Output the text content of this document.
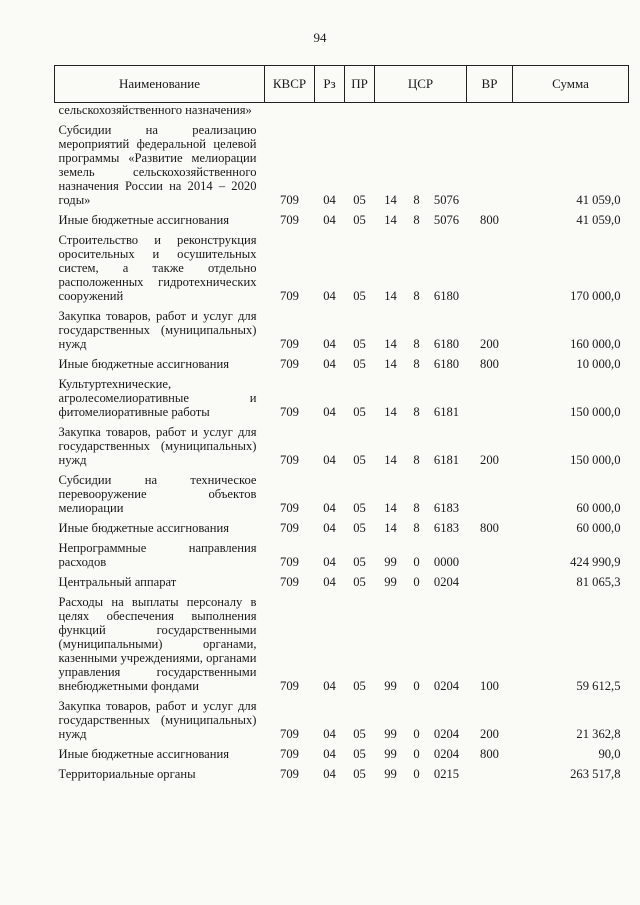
94
Наименование	КВСР	Рз	ПР	ЦСР			ВР	Сумма
сельскохозяйственного назначения»								
Субсидии на реализацию мероприятий федеральной целевой программы «Развитие мелиорации земель сельскохозяйственного назначения России на 2014 – 2020 годы»	709	04	05	14	8	5076		41 059,0
Иные бюджетные ассигнования	709	04	05	14	8	5076	800	41 059,0
Строительство и реконструкция оросительных и осушительных систем, а также отдельно расположенных гидротехнических сооружений	709	04	05	14	8	6180		170 000,0
Закупка товаров, работ и услуг для государственных (муниципальных) нужд	709	04	05	14	8	6180	200	160 000,0
Иные бюджетные ассигнования	709	04	05	14	8	6180	800	10 000,0
Культуртехнические, агролесомелиоративные и фитомелиоративные работы	709	04	05	14	8	6181		150 000,0
Закупка товаров, работ и услуг для государственных (муниципальных) нужд	709	04	05	14	8	6181	200	150 000,0
Субсидии на техническое перевооружение объектов мелиорации	709	04	05	14	8	6183		60 000,0
Иные бюджетные ассигнования	709	04	05	14	8	6183	800	60 000,0
Непрограммные направления расходов	709	04	05	99	0	0000		424 990,9
Центральный аппарат	709	04	05	99	0	0204		81 065,3
Расходы на выплаты персоналу в целях обеспечения выполнения функций государственными (муниципальными) органами, казенными учреждениями, органами управления государственными внебюджетными фондами	709	04	05	99	0	0204	100	59 612,5
Закупка товаров, работ и услуг для государственных (муниципальных) нужд	709	04	05	99	0	0204	200	21 362,8
Иные бюджетные ассигнования	709	04	05	99	0	0204	800	90,0
Территориальные органы	709	04	05	99	0	0215		263 517,8
